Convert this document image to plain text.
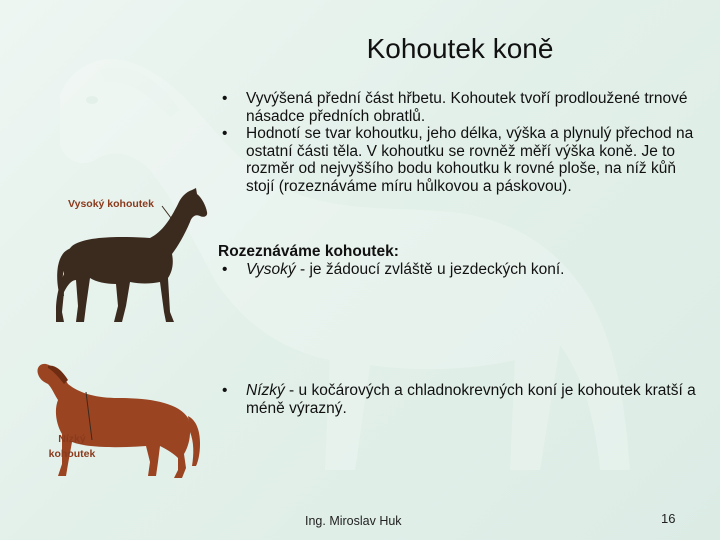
Kohoutek koně
• Vyvýšená přední část hřbetu. Kohoutek tvoří prodloužené trnové násadce předních obratlů.
• Hodnotí se tvar kohoutku, jeho délka, výška a plynulý přechod na ostatní části těla. V kohoutku se rovněž měří výška koně. Je to rozměr od nejvyššího bodu kohoutku k rovné ploše, na níž kůň stojí (rozeznáváme míru hůlkovou a páskovou).
Rozeznáváme kohoutek:
• Vysoký - je žádoucí zvláště u jezdeckých koní.
• Nízký - u kočárových a chladnokrevných koní je kohoutek kratší a méně výrazný.
Vysoký kohoutek
Nízký
kohoutek
Ing. Miroslav Huk	16
